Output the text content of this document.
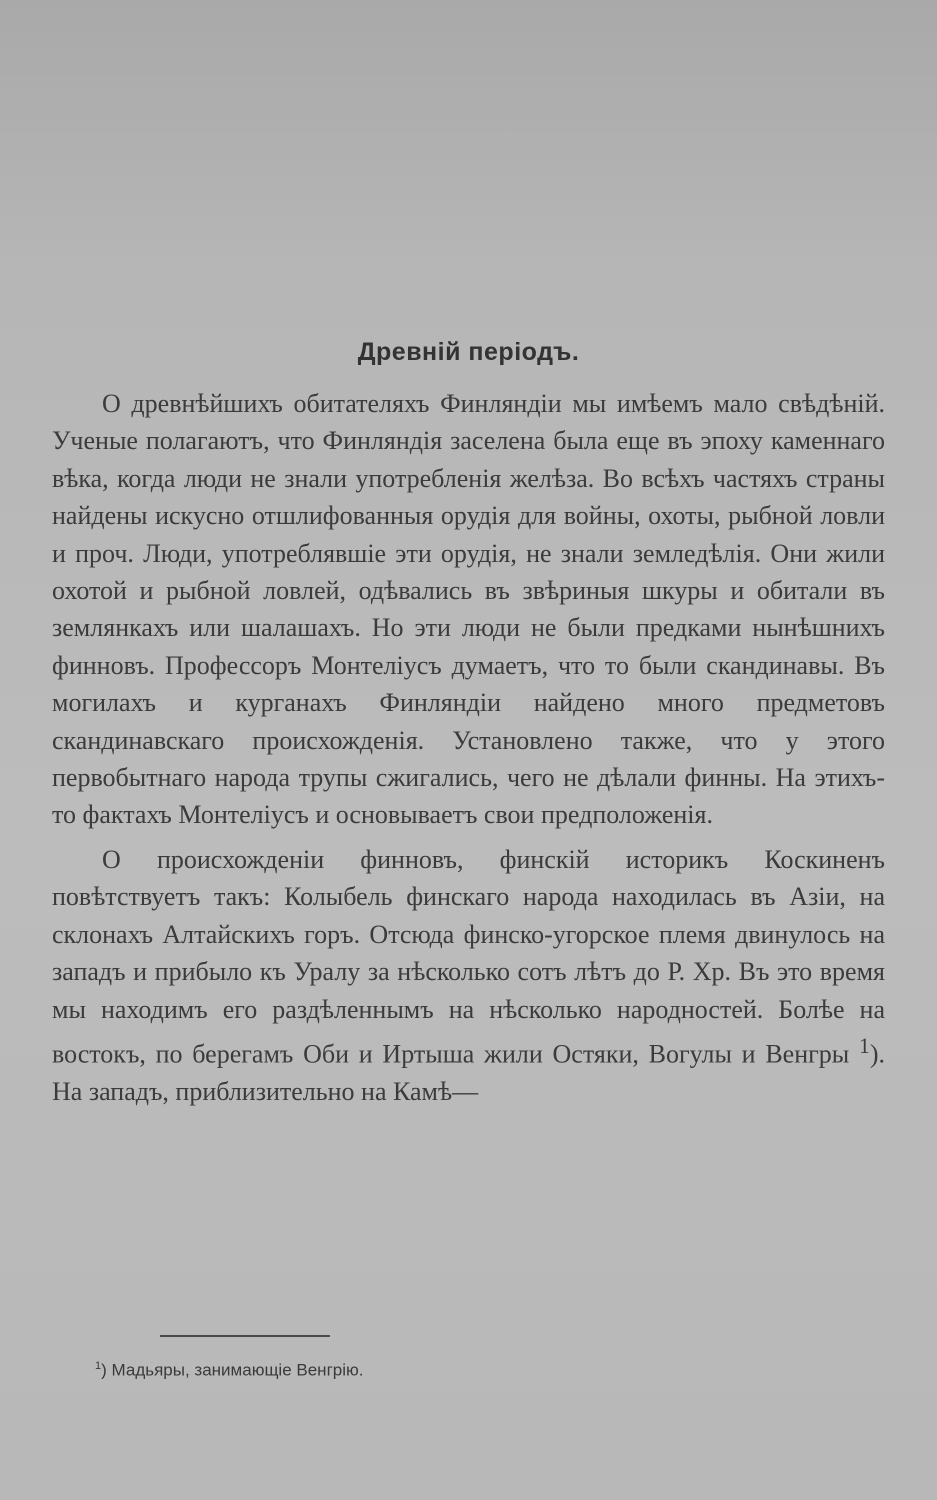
Древній періодъ.

О древнѣйшихъ обитателяхъ Финляндіи мы имѣемъ мало свѣдѣній. Ученые полагаютъ, что Финляндія заселена была еще въ эпоху каменнаго вѣка, когда люди не знали употребленія желѣза. Во всѣхъ частяхъ страны найдены искусно отшлифованныя орудія для войны, охоты, рыбной ловли и проч. Люди, употреблявшіе эти орудія, не знали земледѣлія. Они жили охотой и рыбной ловлей, одѣвались въ звѣриныя шкуры и обитали въ землянкахъ или шалашахъ. Но эти люди не были предками нынѣшнихъ финновъ. Профессоръ Монтеліусъ думаетъ, что то были скандинавы. Въ могилахъ и курганахъ Финляндіи найдено много предметовъ скандинавскаго происхожденія. Установлено также, что у этого первобытнаго народа трупы сжигались, чего не дѣлали финны. На этихъ-то фактахъ Монтеліусъ и основываетъ свои предположенія.

О происхожденіи финновъ, финскій историкъ Коскиненъ повѣтствуетъ такъ: Колыбель финскаго народа находилась въ Азіи, на склонахъ Алтайскихъ горъ. Отсюда финско-угорское племя двинулось на западъ и прибыло къ Уралу за нѣсколько сотъ лѣтъ до Р. Хр. Въ это время мы находимъ его раздѣленнымъ на нѣсколько народностей. Болѣе на востокъ, по берегамъ Оби и Иртыша жили Остяки, Вогулы и Венгры $^1$). На западъ, приблизительно на Камѣ—

$^1$) Мадьяры, занимающіе Венгрію.
